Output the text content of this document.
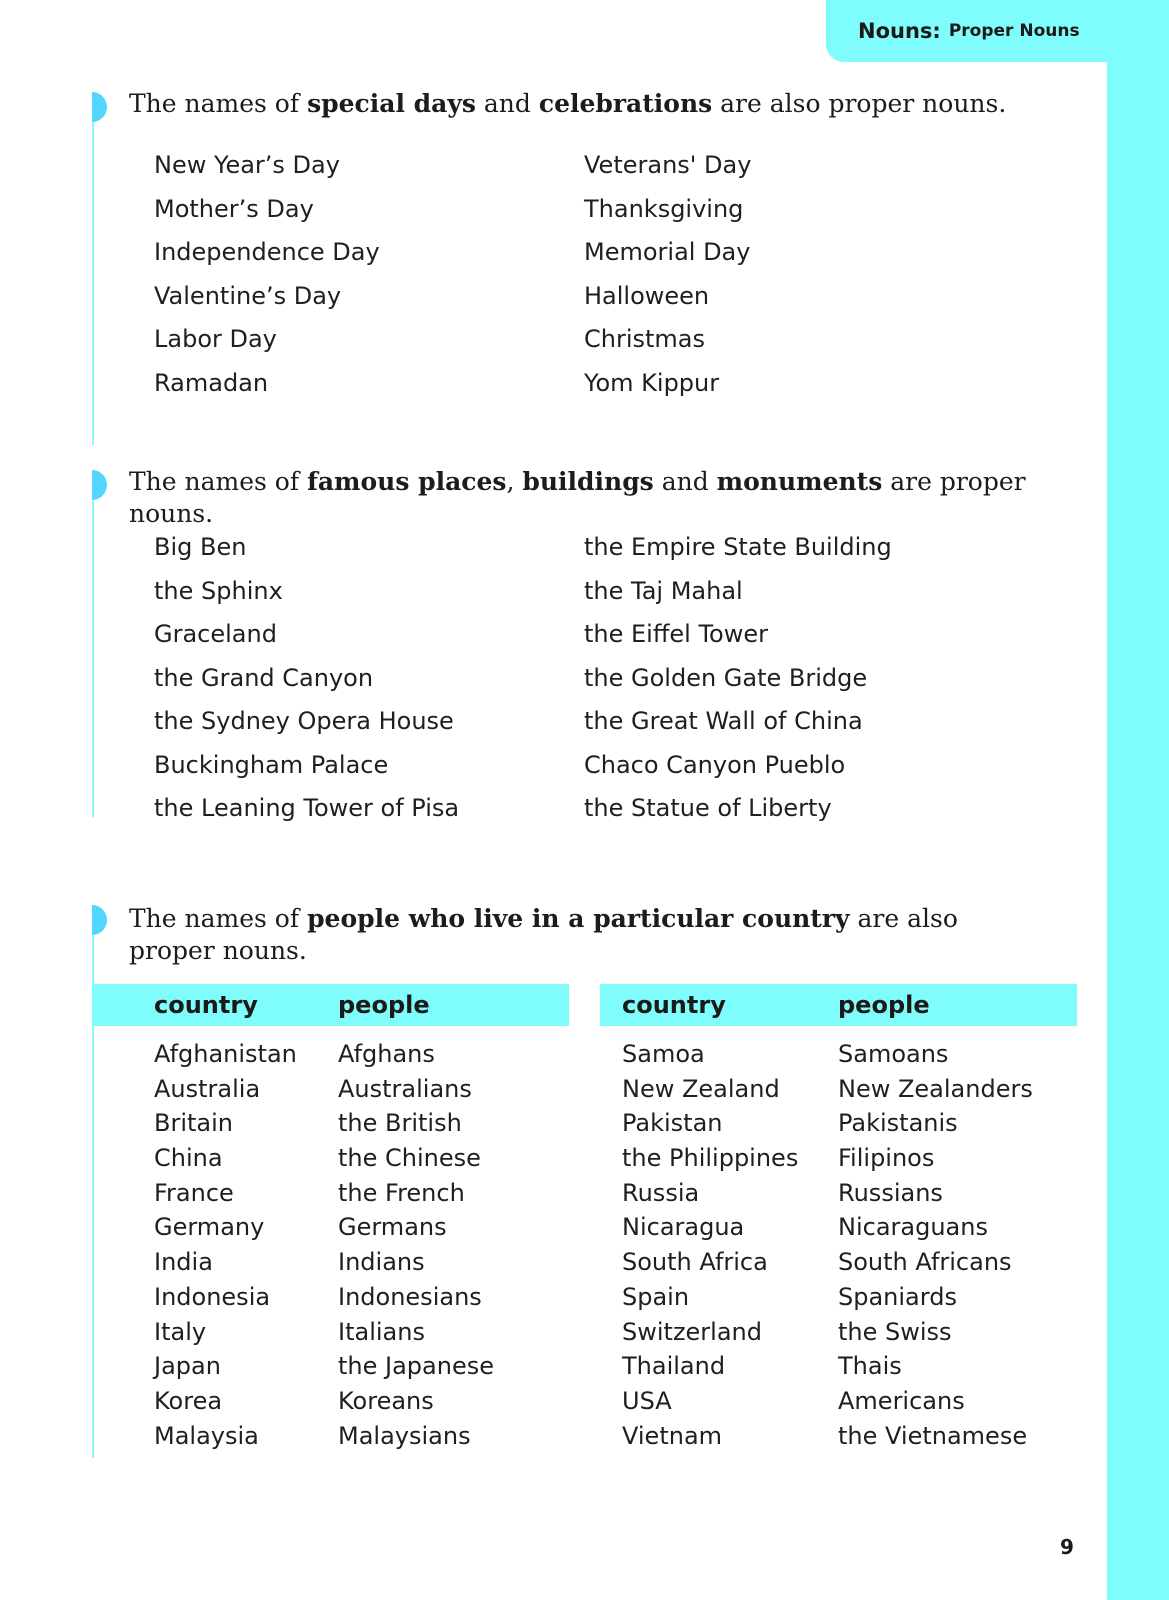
Nouns: Proper Nouns
The names of special days and celebrations are also proper nouns.
New Year’s Day
Mother’s Day
Independence Day
Valentine’s Day
Labor Day
Ramadan
Veterans' Day
Thanksgiving
Memorial Day
Halloween
Christmas
Yom Kippur
The names of famous places, buildings and monuments are proper nouns.
Big Ben
the Sphinx
Graceland
the Grand Canyon
the Sydney Opera House
Buckingham Palace
the Leaning Tower of Pisa
the Empire State Building
the Taj Mahal
the Eiffel Tower
the Golden Gate Bridge
the Great Wall of China
Chaco Canyon Pueblo
the Statue of Liberty
The names of people who live in a particular country are also proper nouns.
country	people
Afghanistan
Australia
Britain
China
France
Germany
India
Indonesia
Italy
Japan
Korea
Malaysia
Afghans
Australians
the British
the Chinese
the French
Germans
Indians
Indonesians
Italians
the Japanese
Koreans
Malaysians
country	people
Samoa
New Zealand
Pakistan
the Philippines
Russia
Nicaragua
South Africa
Spain
Switzerland
Thailand
USA
Vietnam
Samoans
New Zealanders
Pakistanis
Filipinos
Russians
Nicaraguans
South Africans
Spaniards
the Swiss
Thais
Americans
the Vietnamese
9
